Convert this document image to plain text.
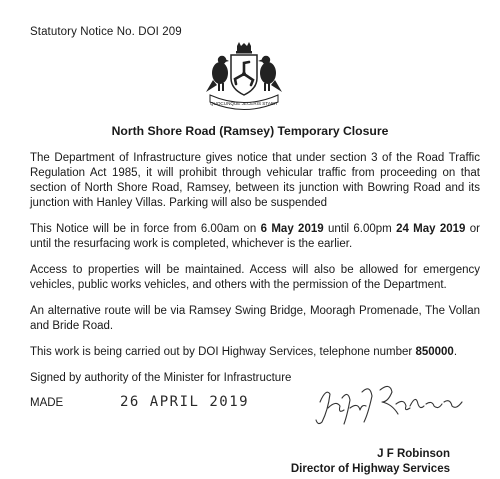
Statutory Notice No. DOI 209
QUOCUNQUE JECERIS STABIT
North Shore Road (Ramsey) Temporary Closure

The Department of Infrastructure gives notice that under section 3 of the Road Traffic Regulation Act 1985, it will prohibit through vehicular traffic from proceeding on that section of North Shore Road, Ramsey, between its junction with Bowring Road and its junction with Hanley Villas. Parking will also be suspended

This Notice will be in force from 6.00am on 6 May 2019 until 6.00pm 24 May 2019 or until the resurfacing work is completed, whichever is the earlier.

Access to properties will be maintained. Access will also be allowed for emergency vehicles, public works vehicles, and others with the permission of the Department.

An alternative route will be via Ramsey Swing Bridge, Mooragh Promenade, The Vollan and Bride Road.

This work is being carried out by DOI Highway Services, telephone number 850000.

Signed by authority of the Minister for Infrastructure

MADE	26 APRIL 2019
J F Robinson
Director of Highway Services
